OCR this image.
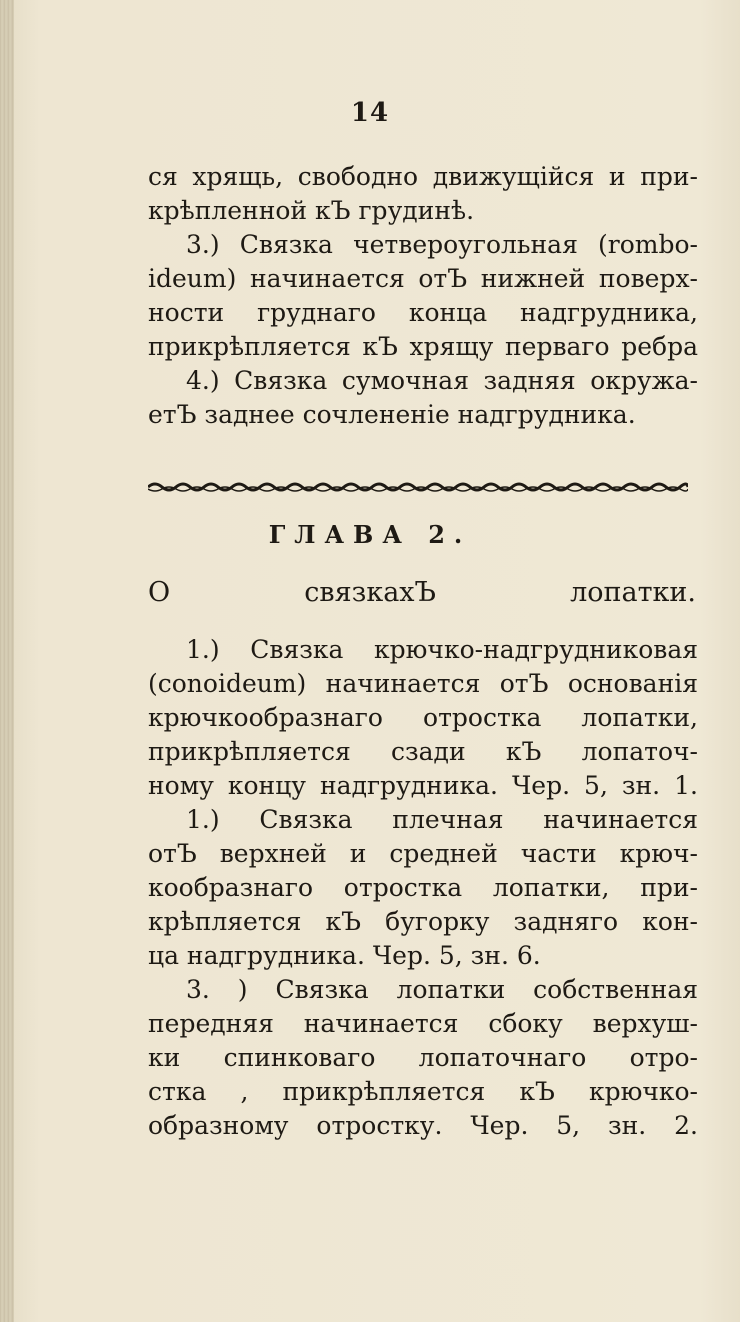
14
ся хрящь, свободно движущійся и при-
крѣпленной кЪ грудинѣ.
3.) Связка четвероугольная (rombo-
ideum) начинается отЪ нижней поверх-
ности груднаго конца надгрудника,
прикрѣпляется кЪ хрящу перваго ребра
4.) Связка сумочная задняя окружа-
етЪ заднее сочлененіе надгрудника.
ГЛАВА 2.
О связкахЪ лопатки.
1.) Связка крючко-надгрудниковая
(conoideum) начинается отЪ основанія
крючкообразнаго отростка лопатки,
прикрѣпляется сзади кЪ лопаточ-
ному концу надгрудника. Чер. 5, зн. 1.
1.) Связка плечная начинается
отЪ верхней и средней части крюч-
кообразнаго отростка лопатки, при-
крѣпляется кЪ бугорку задняго кон-
ца надгрудника. Чер. 5, зн. 6.
3. ) Связка лопатки собственная
передняя начинается сбоку верхуш-
ки спинковаго лопаточнаго отро-
стка , прикрѣпляется кЪ крючко-
образному отростку. Чер. 5, зн. 2.
